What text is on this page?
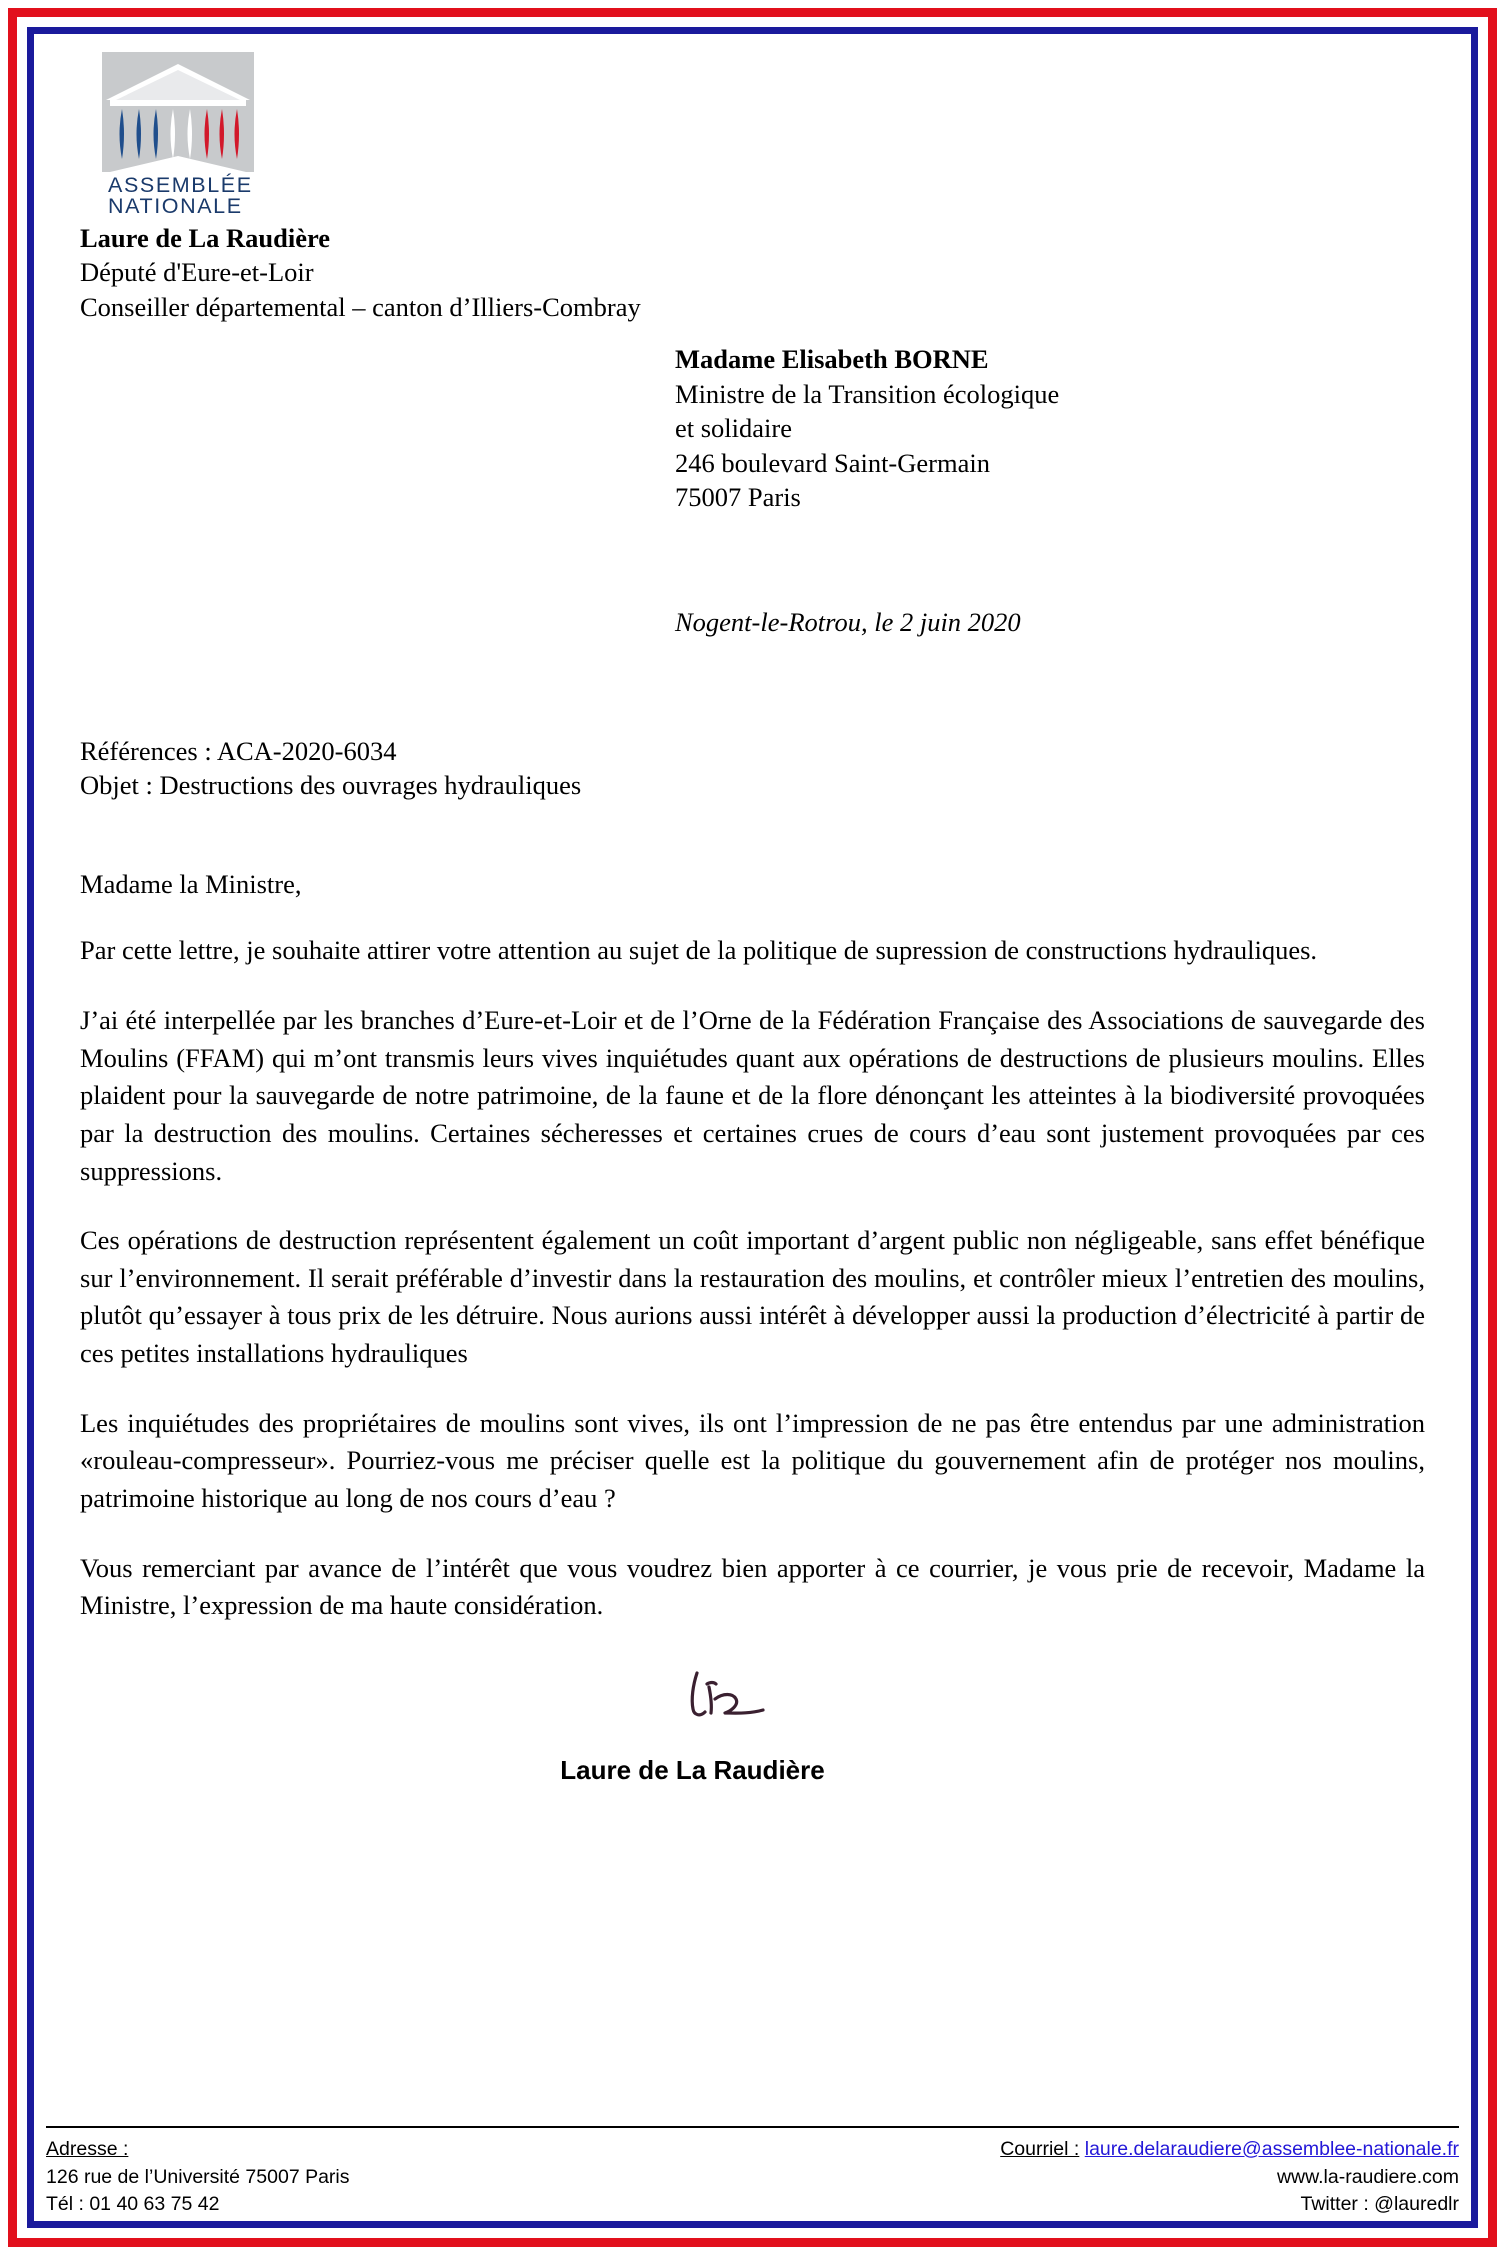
ASSEMBLÉE
NATIONALE
Laure de La Raudière
Député d'Eure-et-Loir
Conseiller départemental – canton d’Illiers-Combray
Madame Elisabeth BORNE
Ministre de la Transition écologique et solidaire
246 boulevard Saint-Germain
75007 Paris
Nogent-le-Rotrou, le 2 juin 2020
Références : ACA-2020-6034
Objet : Destructions des ouvrages hydrauliques
Madame la Ministre,

Par cette lettre, je souhaite attirer votre attention au sujet de la politique de supression de constructions hydrauliques.

J’ai été interpellée par les branches d’Eure-et-Loir et de l’Orne de la Fédération Française des Associations de sauvegarde des Moulins (FFAM) qui m’ont transmis leurs vives inquiétudes quant aux opérations de destructions de plusieurs moulins. Elles plaident pour la sauvegarde de notre patrimoine, de la faune et de la flore dénonçant les atteintes à la biodiversité provoquées par la destruction des moulins. Certaines sécheresses et certaines crues de cours d’eau sont justement provoquées par ces suppressions.

Ces opérations de destruction représentent également un coût important d’argent public non négligeable, sans effet bénéfique sur l’environnement. Il serait préférable d’investir dans la restauration des moulins, et contrôler mieux l’entretien des moulins, plutôt qu’essayer à tous prix de les détruire. Nous aurions aussi intérêt à développer aussi la production d’électricité à partir de ces petites installations hydrauliques

Les inquiétudes des propriétaires de moulins sont vives, ils ont l’impression de ne pas être entendus par une administration «rouleau-compresseur». Pourriez-vous me préciser quelle est la politique du gouvernement afin de protéger nos moulins, patrimoine historique au long de nos cours d’eau ?

Vous remerciant par avance de l’intérêt que vous voudrez bien apporter à ce courrier, je vous prie de recevoir, Madame la Ministre, l’expression de ma haute considération.

Laure de La Raudière
Adresse :
126 rue de l’Université 75007 Paris
Tél : 01 40 63 75 42
Courriel : laure.delaraudiere@assemblee-nationale.fr
www.la-raudiere.com
Twitter : @lauredlr
